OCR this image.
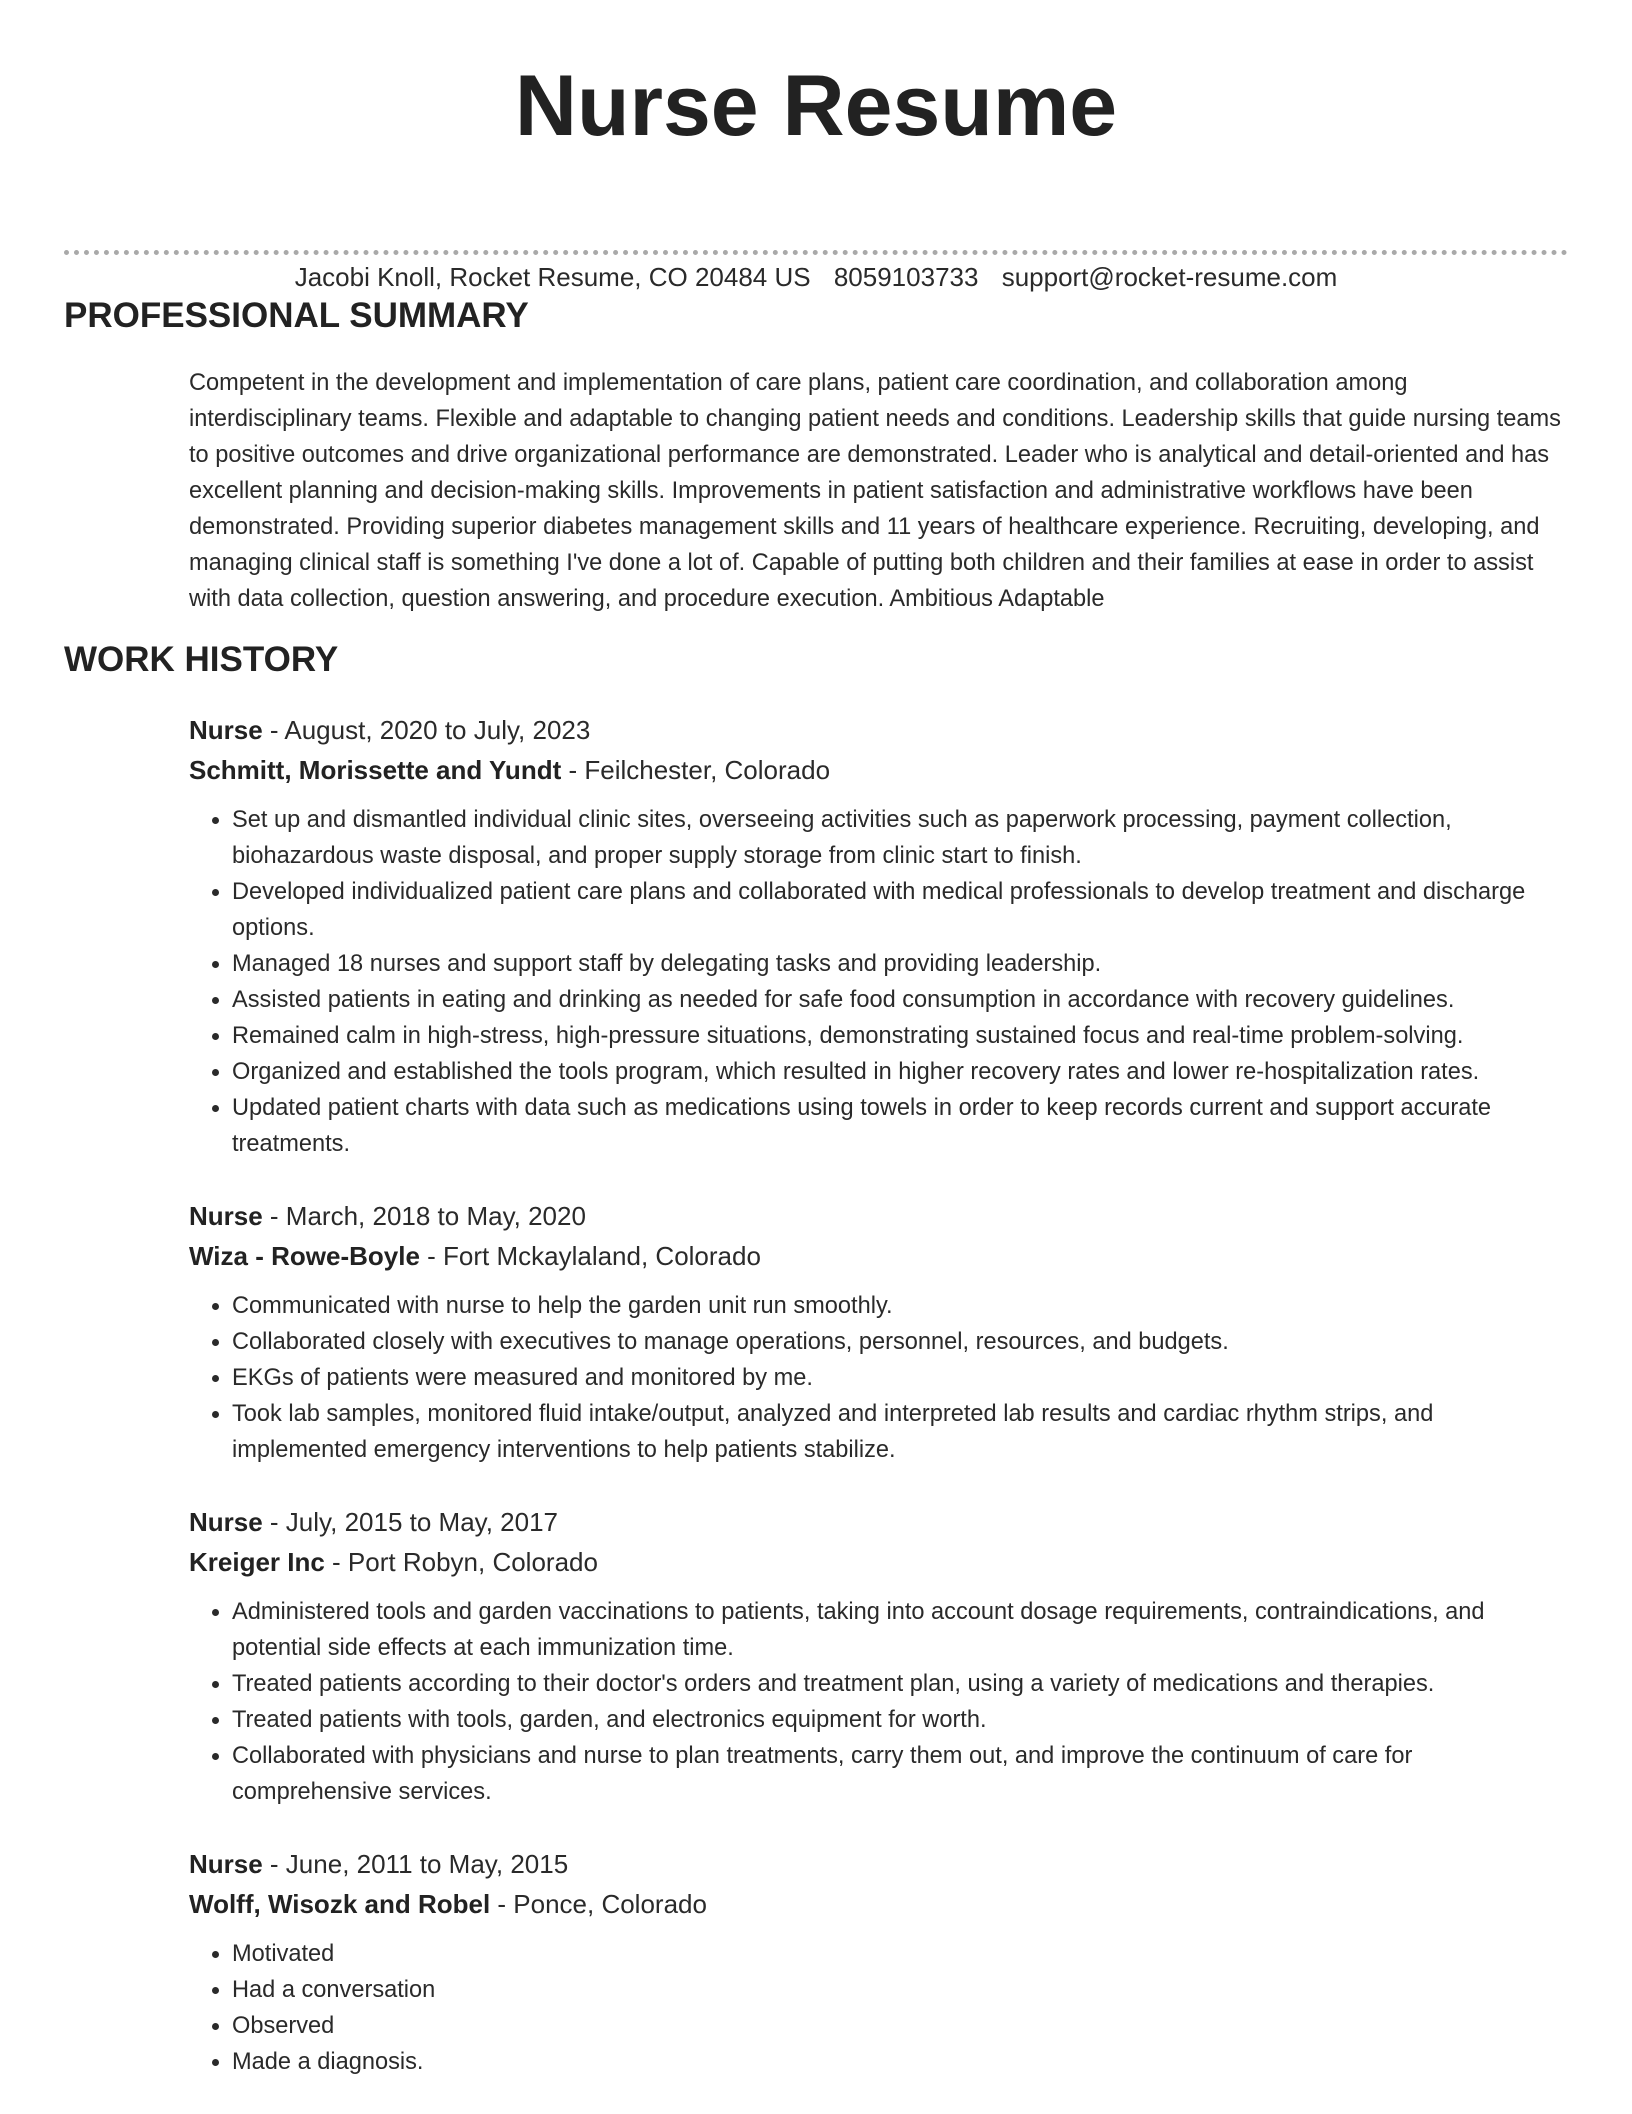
Nurse Resume
Jacobi Knoll, Rocket Resume, CO 20484 US 8059103733 support@rocket-resume.com
PROFESSIONAL SUMMARY

Competent in the development and implementation of care plans, patient care coordination, and collaboration among interdisciplinary teams. Flexible and adaptable to changing patient needs and conditions. Leadership skills that guide nursing teams to positive outcomes and drive organizational performance are demonstrated. Leader who is analytical and detail-oriented and has excellent planning and decision-making skills. Improvements in patient satisfaction and administrative workflows have been demonstrated. Providing superior diabetes management skills and 11 years of healthcare experience. Recruiting, developing, and managing clinical staff is something I've done a lot of. Capable of putting both children and their families at ease in order to assist with data collection, question answering, and procedure execution. Ambitious Adaptable

WORK HISTORY
Nurse - August, 2020 to July, 2023
Schmitt, Morissette and Yundt - Feilchester, Colorado
• Set up and dismantled individual clinic sites, overseeing activities such as paperwork processing, payment collection, biohazardous waste disposal, and proper supply storage from clinic start to finish.
• Developed individualized patient care plans and collaborated with medical professionals to develop treatment and discharge options.
• Managed 18 nurses and support staff by delegating tasks and providing leadership.
• Assisted patients in eating and drinking as needed for safe food consumption in accordance with recovery guidelines.
• Remained calm in high-stress, high-pressure situations, demonstrating sustained focus and real-time problem-solving.
• Organized and established the tools program, which resulted in higher recovery rates and lower re-hospitalization rates.
• Updated patient charts with data such as medications using towels in order to keep records current and support accurate treatments.
Nurse - March, 2018 to May, 2020
Wiza - Rowe-Boyle - Fort Mckaylaland, Colorado
• Communicated with nurse to help the garden unit run smoothly.
• Collaborated closely with executives to manage operations, personnel, resources, and budgets.
• EKGs of patients were measured and monitored by me.
• Took lab samples, monitored fluid intake/output, analyzed and interpreted lab results and cardiac rhythm strips, and implemented emergency interventions to help patients stabilize.
Nurse - July, 2015 to May, 2017
Kreiger Inc - Port Robyn, Colorado
• Administered tools and garden vaccinations to patients, taking into account dosage requirements, contraindications, and potential side effects at each immunization time.
• Treated patients according to their doctor's orders and treatment plan, using a variety of medications and therapies.
• Treated patients with tools, garden, and electronics equipment for worth.
• Collaborated with physicians and nurse to plan treatments, carry them out, and improve the continuum of care for comprehensive services.
Nurse - June, 2011 to May, 2015
Wolff, Wisozk and Robel - Ponce, Colorado
• Motivated
• Had a conversation
• Observed
• Made a diagnosis.
